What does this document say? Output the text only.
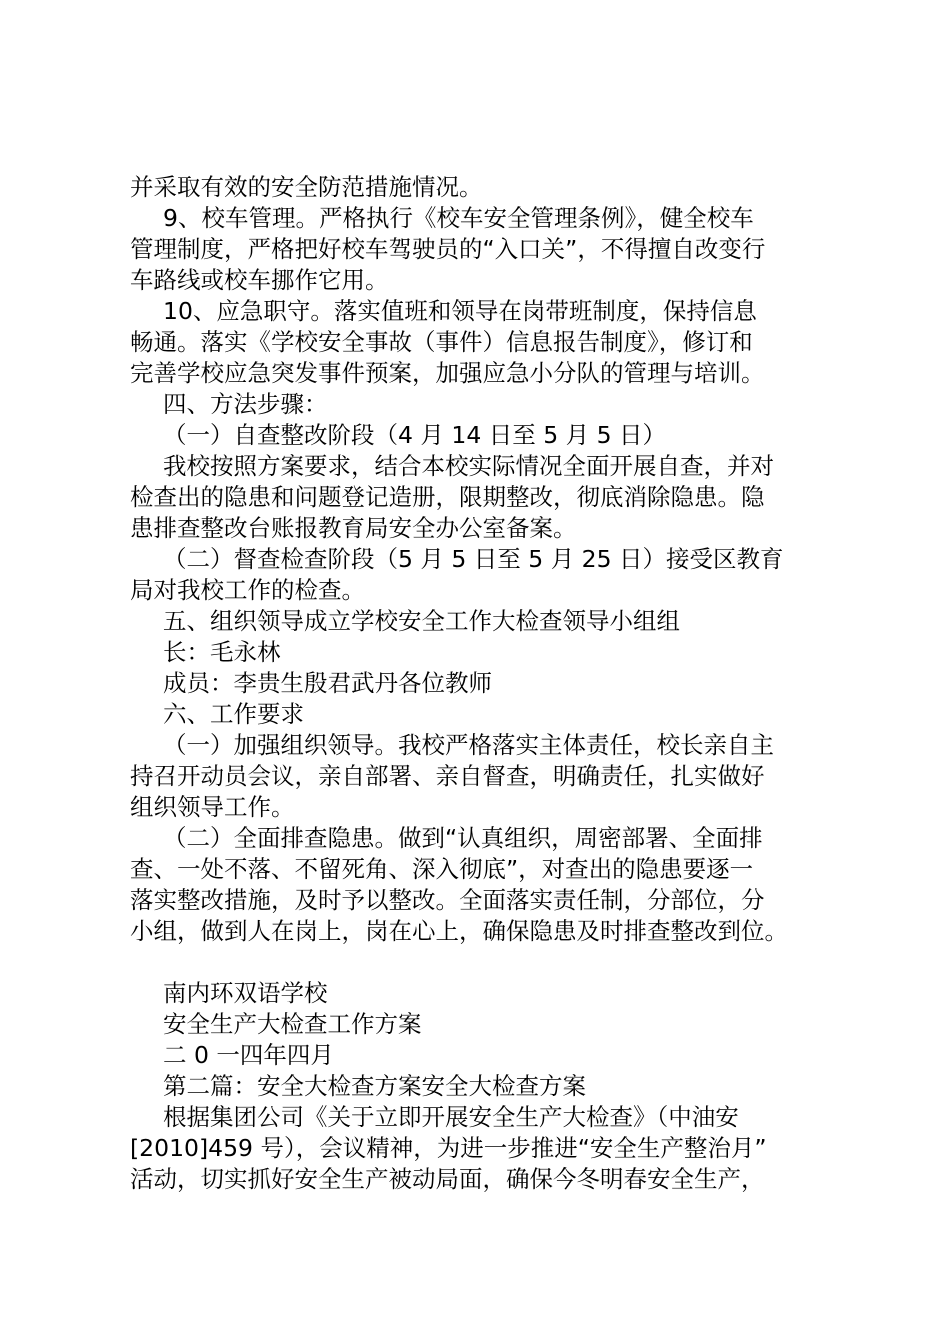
并采取有效的安全防范措施情况。
9、校车管理。严格执行《校车安全管理条例》，健全校车
管理制度，严格把好校车驾驶员的“入口关”，不得擅自改变行
车路线或校车挪作它用。
10、应急职守。落实值班和领导在岗带班制度，保持信息
畅通。落实《学校安全事故（事件）信息报告制度》，修订和
完善学校应急突发事件预案，加强应急小分队的管理与培训。
四、方法步骤：
（一）自查整改阶段（4 月 14 日至 5 月 5 日）
我校按照方案要求，结合本校实际情况全面开展自查，并对
检查出的隐患和问题登记造册，限期整改，彻底消除隐患。隐
患排查整改台账报教育局安全办公室备案。
（二）督查检查阶段（5 月 5 日至 5 月 25 日）接受区教育
局对我校工作的检查。
五、组织领导成立学校安全工作大检查领导小组组
长：毛永林
成员：李贵生殷君武丹各位教师
六、工作要求
（一）加强组织领导。我校严格落实主体责任，校长亲自主
持召开动员会议，亲自部署、亲自督查，明确责任，扎实做好
组织领导工作。
（二）全面排查隐患。做到“认真组织，周密部署、全面排
查、一处不落、不留死角、深入彻底”，对查出的隐患要逐一
落实整改措施，及时予以整改。全面落实责任制，分部位，分
小组，做到人在岗上，岗在心上，确保隐患及时排查整改到位。
南内环双语学校
安全生产大检查工作方案
二 0 一四年四月
第二篇：安全大检查方案安全大检查方案
根据集团公司《关于立即开展安全生产大检查》（中油安
[2010]459 号），会议精神，为进一步推进“安全生产整治月”
活动，切实抓好安全生产被动局面，确保今冬明春安全生产，
